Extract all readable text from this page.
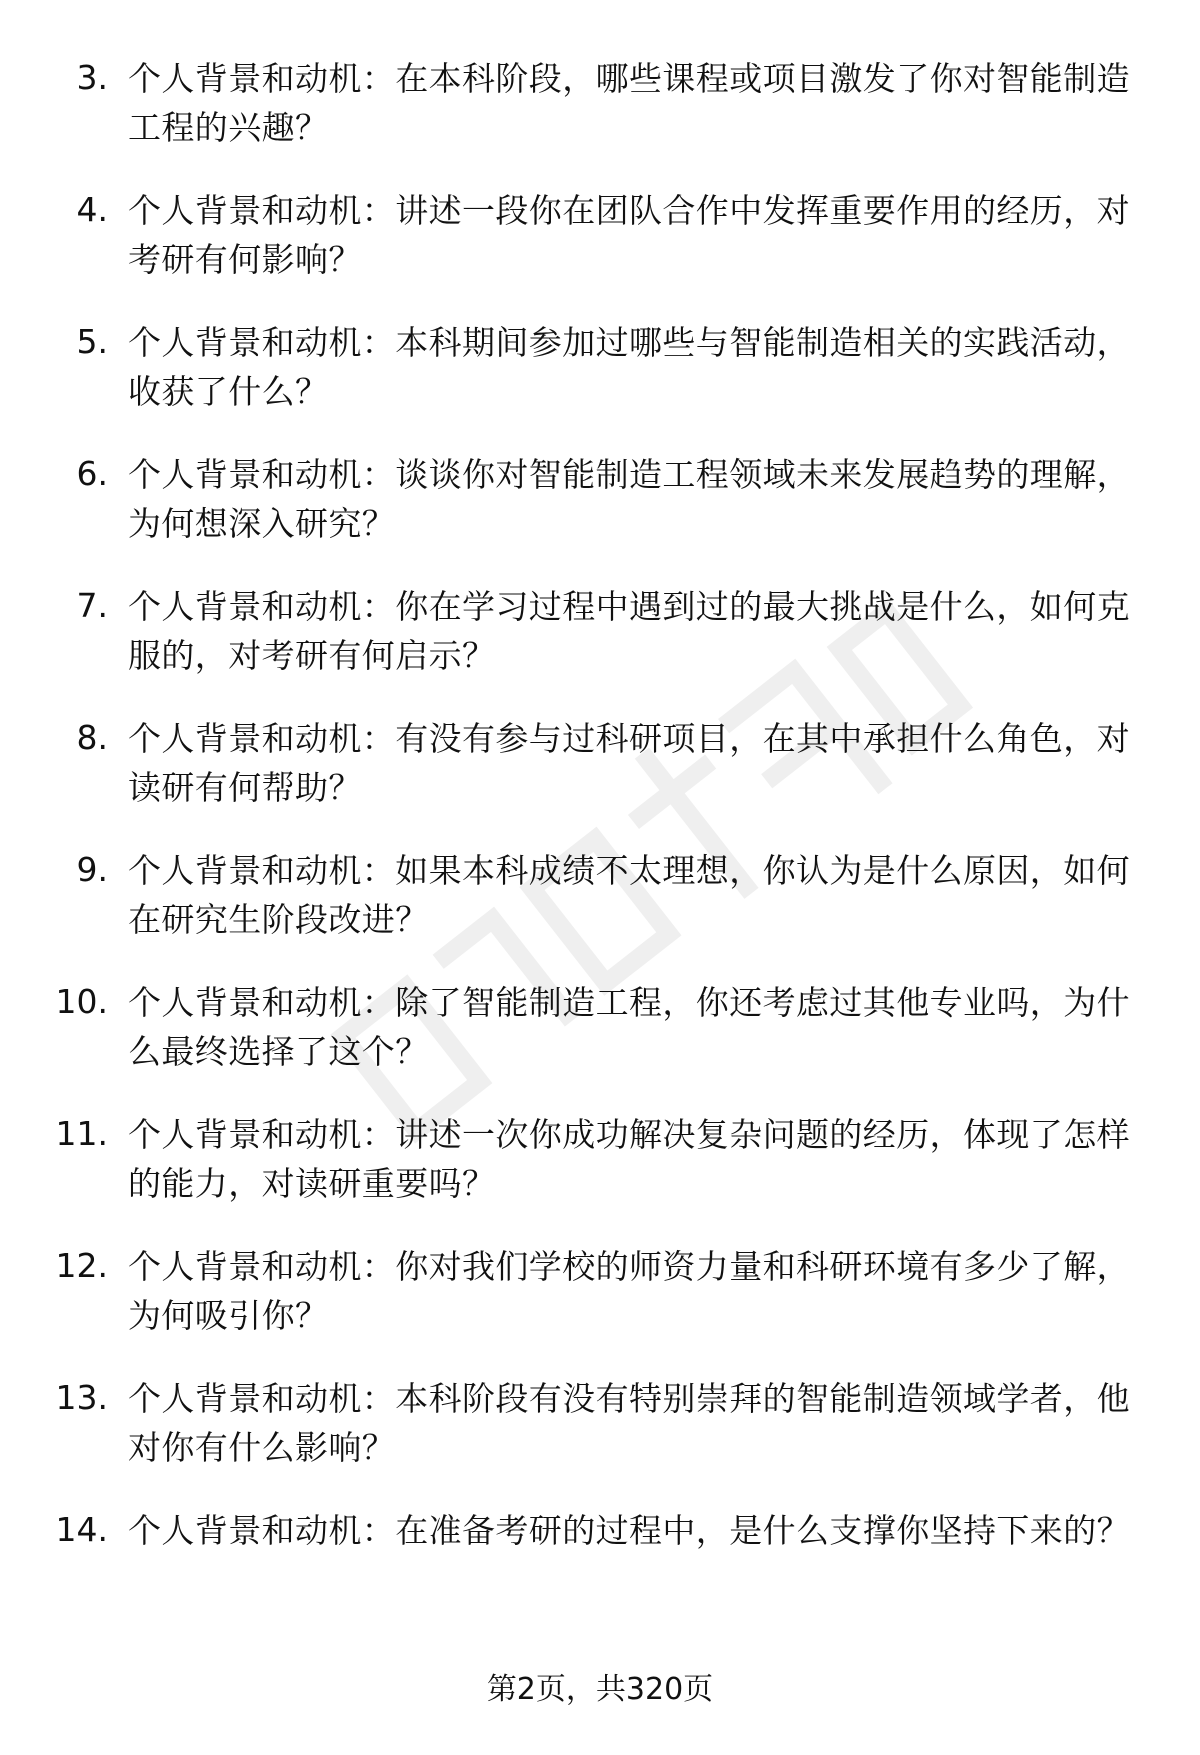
3. 个人背景和动机：在本科阶段，哪些课程或项目激发了你对智能制造工程的兴趣？
4. 个人背景和动机：讲述一段你在团队合作中发挥重要作用的经历，对考研有何影响？
5. 个人背景和动机：本科期间参加过哪些与智能制造相关的实践活动，收获了什么？
6. 个人背景和动机：谈谈你对智能制造工程领域未来发展趋势的理解，为何想深入研究？
7. 个人背景和动机：你在学习过程中遇到过的最大挑战是什么，如何克服的，对考研有何启示？
8. 个人背景和动机：有没有参与过科研项目，在其中承担什么角色，对读研有何帮助？
9. 个人背景和动机：如果本科成绩不太理想，你认为是什么原因，如何在研究生阶段改进？
10. 个人背景和动机：除了智能制造工程，你还考虑过其他专业吗，为什么最终选择了这个？
11. 个人背景和动机：讲述一次你成功解决复杂问题的经历，体现了怎样的能力，对读研重要吗？
12. 个人背景和动机：你对我们学校的师资力量和科研环境有多少了解，为何吸引你？
13. 个人背景和动机：本科阶段有没有特别崇拜的智能制造领域学者，他对你有什么影响？
14. 个人背景和动机：在准备考研的过程中，是什么支撑你坚持下来的？
第2页，共320页
